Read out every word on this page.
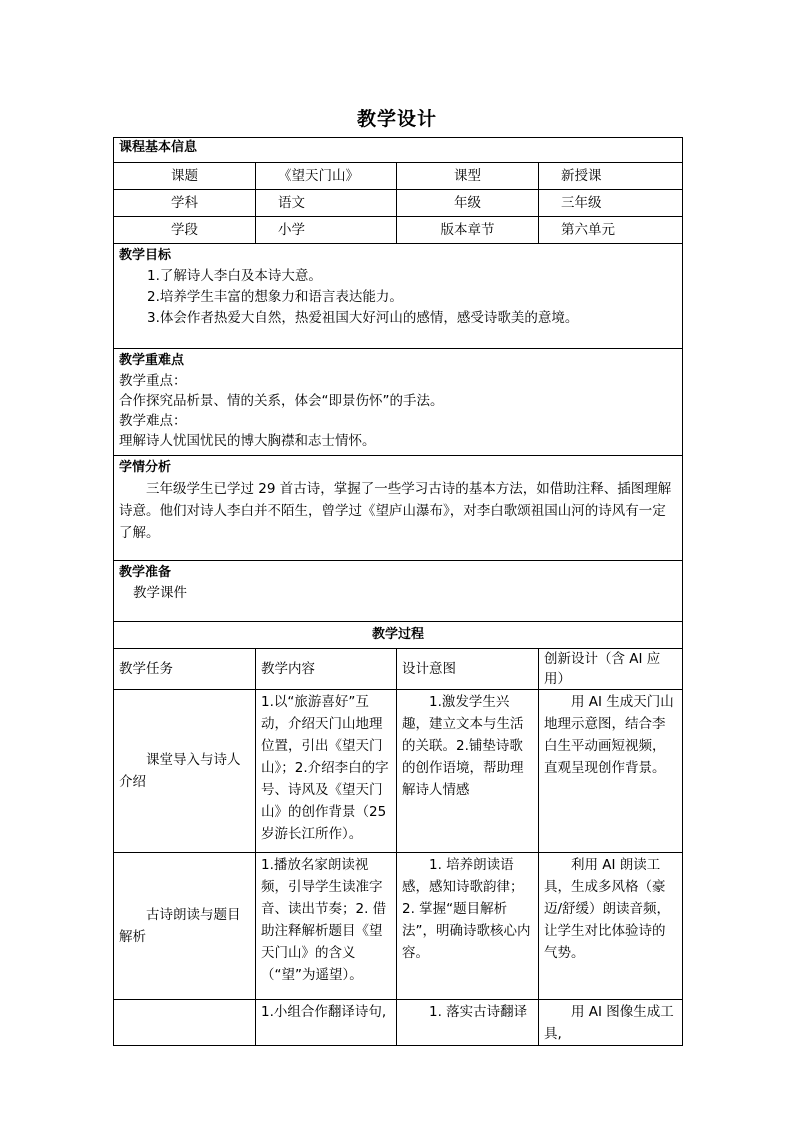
教学设计
课程基本信息			
课题	《望天门山》	课型	新授课
学科	语文	年级	三年级
学段	小学	版本章节	第六单元

教学目标
1.了解诗人李白及本诗大意。
2.培养学生丰富的想象力和语言表达能力。
3.体会作者热爱大自然，热爱祖国大好河山的感情，感受诗歌美的意境。			

教学重难点
教学重点：
合作探究品析景、情的关系，体会“即景伤怀”的手法。
教学难点：
理解诗人忧国忧民的博大胸襟和志士情怀。			

学情分析
三年级学生已学过 29 首古诗，掌握了一些学习古诗的基本方法，如借助注释、插图理解诗意。他们对诗人李白并不陌生，曾学过《望庐山瀑布》，对李白歌颂祖国山河的诗风有一定了解。			

教学准备
教学课件			

教学过程			
教学任务	教学内容	设计意图	创新设计（含 AI 应用）
课堂导入与诗人介绍	1.以“旅游喜好”互动，介绍天门山地理位置，引出《望天门山》；2.介绍李白的字号、诗风及《望天门山》的创作背景（25 岁游长江所作）。	1.激发学生兴趣，建立文本与生活的关联。2.铺垫诗歌的创作语境，帮助理解诗人情感	用 AI 生成天门山地理示意图，结合李白生平动画短视频，直观呈现创作背景。
古诗朗读与题目解析	1.播放名家朗读视频，引导学生读准字音、读出节奏；2. 借助注释解析题目《望天门山》的含义（“望”为遥望）。	1. 培养朗读语感，感知诗歌韵律；2. 掌握“题目解析法”，明确诗歌核心内容。	利用 AI 朗读工具，生成多风格（豪迈/舒缓）朗读音频，让学生对比体验诗的气势。
	1.小组合作翻译诗句,	1. 落实古诗翻译	用 AI 图像生成工具,
